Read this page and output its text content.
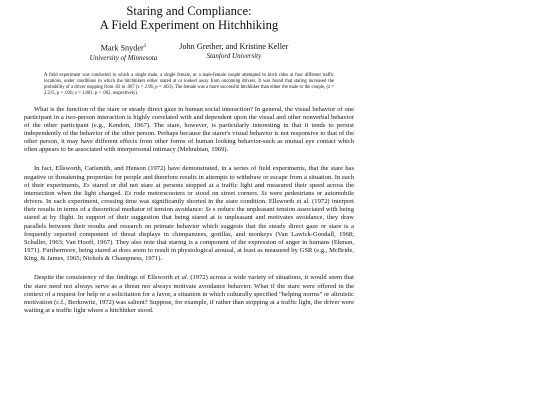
Staring and Compliance:
A Field Experiment on Hitchhiking
Mark Snyder$^1$
University of Minnesota
John Grether, and Kristine Keller
Stanford University
A field experiment was conducted in which a single male, a single female, or a male-female couple attempted to hitch rides at four different traffic locations, under conditions in which the hitchhikers either stared at or looked away from oncoming drivers. It was found that staring increased the probability of a driver stopping from .03 to .067 (z = 2.96, p = .003). The female was a more successful hitchhiker than either the male or the couple, (z = 2.215, p = .026; z = 1.861, p = .063, respectively).

What is the function of the stare or steady direct gaze in human social interaction? In general, the visual behavior of one participant in a two-person interaction is highly correlated with and dependent upon the visual and other nonverbal behavior of the other participant (e.g., Kendon, 1967). The stare, however, is particularly interesting in that it tends to persist independently of the behavior of the other person. Perhaps because the starer's visual behavior is not responsive to that of the other person, it may have different effects from other forms of human looking behavior-such as mutual eye contact which often appears to be associated with interpersonal intimacy (Mehrabian, 1969).

In fact, Ellsworth, Carlsmith, and Henson (1972) have demonstrated, in a series of field experiments, that the stare has negative or threatening properties for people and therefore results in attempts to withdraw or escape from a situation. In each of their experiments, Es stared or did not stare at persons stopped at a traffic light and measured their speed across the intersection when the light changed. Es rode motorscooters or stood on street corners. Ss were pedestrians or automobile drivers. In each experiment, crossing time was significantly shorted in the stare condition. Ellsworth et al. (1972) interpret their results in terms of a theoretical mediator of tension avoidance: Ss s reduce the unpleasant tension associated with being stared at by flight. In support of their suggestion that being stared at is unpleasant and motivates avoidance, they draw parallels between their results and research on primate behavior which suggests that the steady direct gaze or stare is a frequently reported component of threat displays in chimpanzees, gorillas, and monkeys (Van Lawick-Goodall, 1968; Schaller, 1963; Van Hooff, 1967). They also note that staring is a component of the expression of anger in humans (Ekman, 1971). Furthermore, being stared at does seem to result in physiological arousal, at least as measured by GSR (e.g., McBride, King, & James, 1965; Nichols & Champness, 1971).

Despite the consistency of the findings of Ellsworth et al. (1972) across a wide variety of situations, it would seem that the stare need not always serve as a threat nor always motivate avoidance behavior. What if the stare were offered in the context of a request for help or a solicitation for a favor, a situation in which culturally specified "helping norms" or altruistic motivation (c.f., Berkowitz, 1972) was salient? Suppose, for example, if rather than stopping at a traffic light, the driver were waiting at a traffic light where a hitchhiker stood.
